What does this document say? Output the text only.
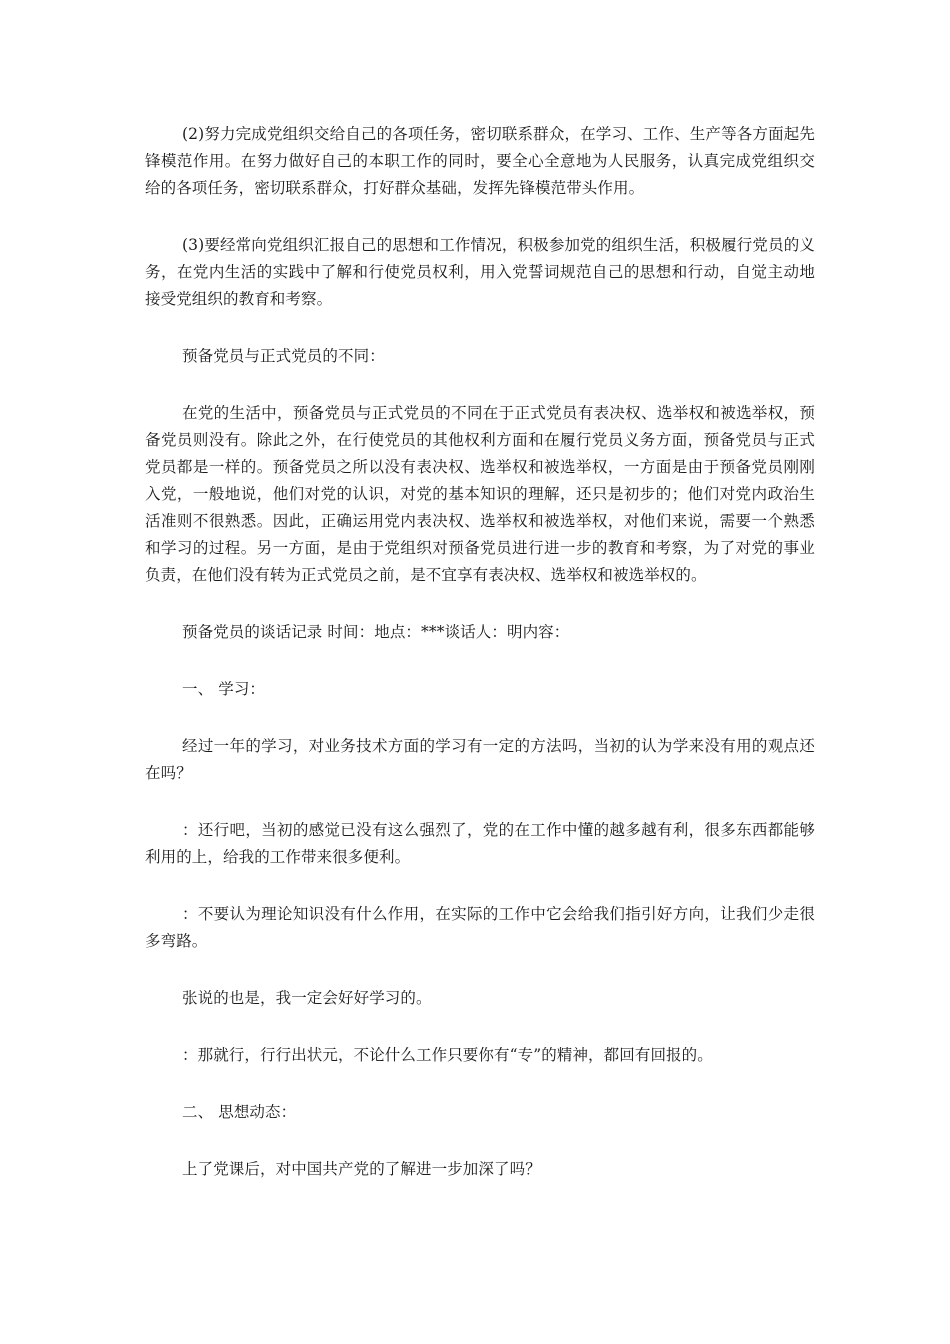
(2)努力完成党组织交给自己的各项任务，密切联系群众，在学习、工作、生产等各方面起先锋模范作用。在努力做好自己的本职工作的同时，要全心全意地为人民服务，认真完成党组织交给的各项任务，密切联系群众，打好群众基础，发挥先锋模范带头作用。

(3)要经常向党组织汇报自己的思想和工作情况，积极参加党的组织生活，积极履行党员的义务，在党内生活的实践中了解和行使党员权利，用入党誓词规范自己的思想和行动，自觉主动地接受党组织的教育和考察。

预备党员与正式党员的不同：

在党的生活中，预备党员与正式党员的不同在于正式党员有表决权、选举权和被选举权，预备党员则没有。除此之外，在行使党员的其他权利方面和在履行党员义务方面，预备党员与正式党员都是一样的。预备党员之所以没有表决权、选举权和被选举权，一方面是由于预备党员刚刚入党，一般地说，他们对党的认识，对党的基本知识的理解，还只是初步的；他们对党内政治生活准则不很熟悉。因此，正确运用党内表决权、选举权和被选举权，对他们来说，需要一个熟悉和学习的过程。另一方面，是由于党组织对预备党员进行进一步的教育和考察，为了对党的事业负责，在他们没有转为正式党员之前，是不宜享有表决权、选举权和被选举权的。

预备党员的谈话记录 时间：地点：***谈话人：明内容：

一、 学习：

经过一年的学习，对业务技术方面的学习有一定的方法吗，当初的认为学来没有用的观点还在吗？

：还行吧，当初的感觉已没有这么强烈了，党的在工作中懂的越多越有利，很多东西都能够利用的上，给我的工作带来很多便利。

：不要认为理论知识没有什么作用，在实际的工作中它会给我们指引好方向，让我们少走很多弯路。

张说的也是，我一定会好好学习的。

：那就行，行行出状元，不论什么工作只要你有“专”的精神，都回有回报的。

二、 思想动态：

上了党课后，对中国共产党的了解进一步加深了吗？
